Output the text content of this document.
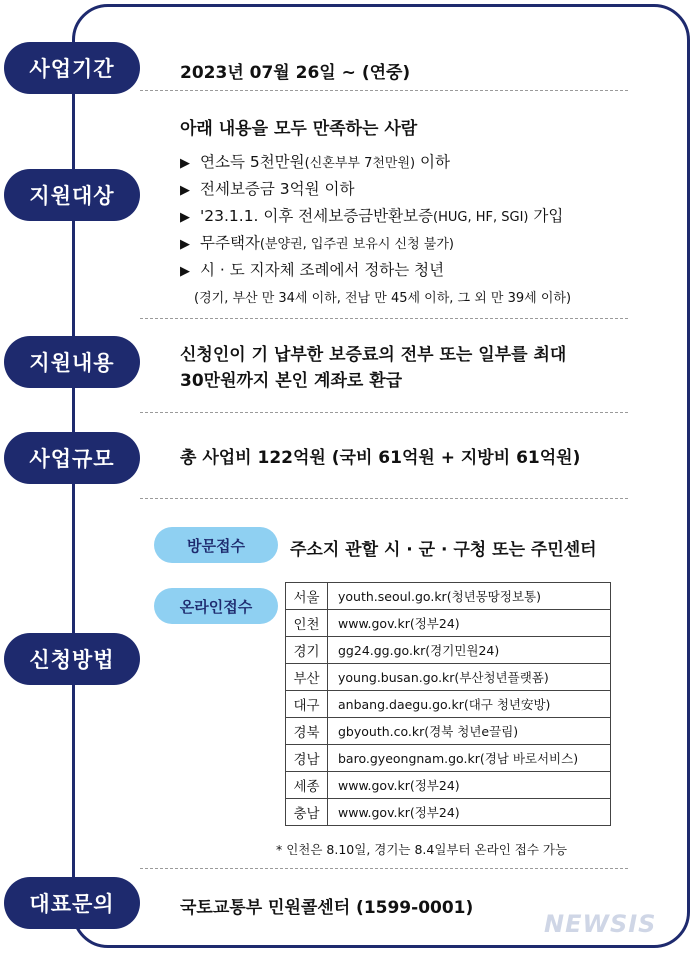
사업기간	2023년 07월 26일 ~ (연중)
지원대상
아래 내용을 모두 만족하는 사람
▶ 연소득 5천만원(신혼부부 7천만원) 이하
▶ 전세보증금 3억원 이하
▶ '23.1.1. 이후 전세보증금반환보증(HUG, HF, SGI) 가입
▶ 무주택자(분양권, 입주권 보유시 신청 불가)
▶ 시 · 도 지자체 조례에서 정하는 청년
(경기, 부산 만 34세 이하, 전남 만 45세 이하, 그 외 만 39세 이하)
지원내용	신청인이 기 납부한 보증료의 전부 또는 일부를 최대
30만원까지 본인 계좌로 환급
사업규모	총 사업비 122억원 (국비 61억원 + 지방비 61억원)
신청방법
방문접수	주소지 관할 시 · 군 · 구청 또는 주민센터
온라인접수	서울	youth.seoul.go.kr(청년몽땅정보통)
인천	www.gov.kr(정부24)
경기	gg24.gg.go.kr(경기민원24)
부산	young.busan.go.kr(부산청년플랫폼)
대구	anbang.daegu.go.kr(대구 청년安방)
경북	gbyouth.co.kr(경북 청년e끌림)
경남	baro.gyeongnam.go.kr(경남 바로서비스)
세종	www.gov.kr(정부24)
충남	www.gov.kr(정부24)
* 인천은 8.10일, 경기는 8.4일부터 온라인 접수 가능
대표문의	국토교통부 민원콜센터 (1599-0001)
NEWSIS
